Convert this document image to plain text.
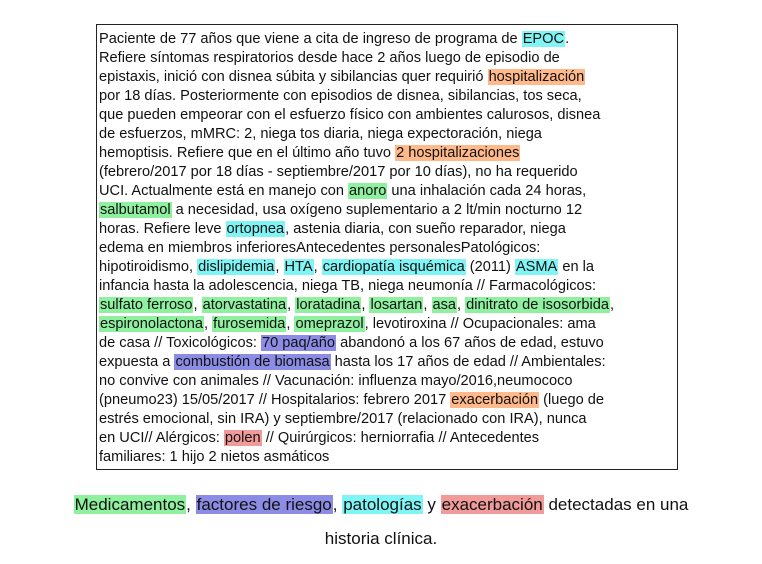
Paciente de 77 años que viene a cita de ingreso de programa de EPOC.
Refiere síntomas respiratorios desde hace 2 años luego de episodio de
epistaxis, inició con disnea súbita y sibilancias quer requirió hospitalización
por 18 días. Posteriormente con episodios de disnea, sibilancias, tos seca,
que pueden empeorar con el esfuerzo físico con ambientes calurosos, disnea
de esfuerzos, mMRC: 2, niega tos diaria, niega expectoración, niega
hemoptisis. Refiere que en el último año tuvo 2 hospitalizaciones
(febrero/2017 por 18 días - septiembre/2017 por 10 días), no ha requerido
UCI. Actualmente está en manejo con anoro una inhalación cada 24 horas,
salbutamol a necesidad, usa oxígeno suplementario a 2 lt/min nocturno 12
horas. Refiere leve ortopnea, astenia diaria, con sueño reparador, niega
edema en miembros inferioresAntecedentes personalesPatológicos:
hipotiroidismo, dislipidemia, HTA, cardiopatía isquémica (2011) ASMA en la
infancia hasta la adolescencia, niega TB, niega neumonía // Farmacológicos:
sulfato ferroso, atorvastatina, loratadina, losartan, asa, dinitrato de isosorbida,
espironolactona, furosemida, omeprazol, levotiroxina // Ocupacionales: ama
de casa // Toxicológicos: 70 paq/año abandonó a los 67 años de edad, estuvo
expuesta a combustión de biomasa hasta los 17 años de edad // Ambientales:
no convive con animales // Vacunación: influenza mayo/2016,neumococo
(pneumo23) 15/05/2017 // Hospitalarios: febrero 2017 exacerbación (luego de
estrés emocional, sin IRA) y septiembre/2017 (relacionado con IRA), nunca
en UCI// Alérgicos: polen // Quirúrgicos: herniorrafia // Antecedentes
familiares: 1 hijo 2 nietos asmáticos
Medicamentos, factores de riesgo, patologías y exacerbación detectadas en una
historia clínica.
